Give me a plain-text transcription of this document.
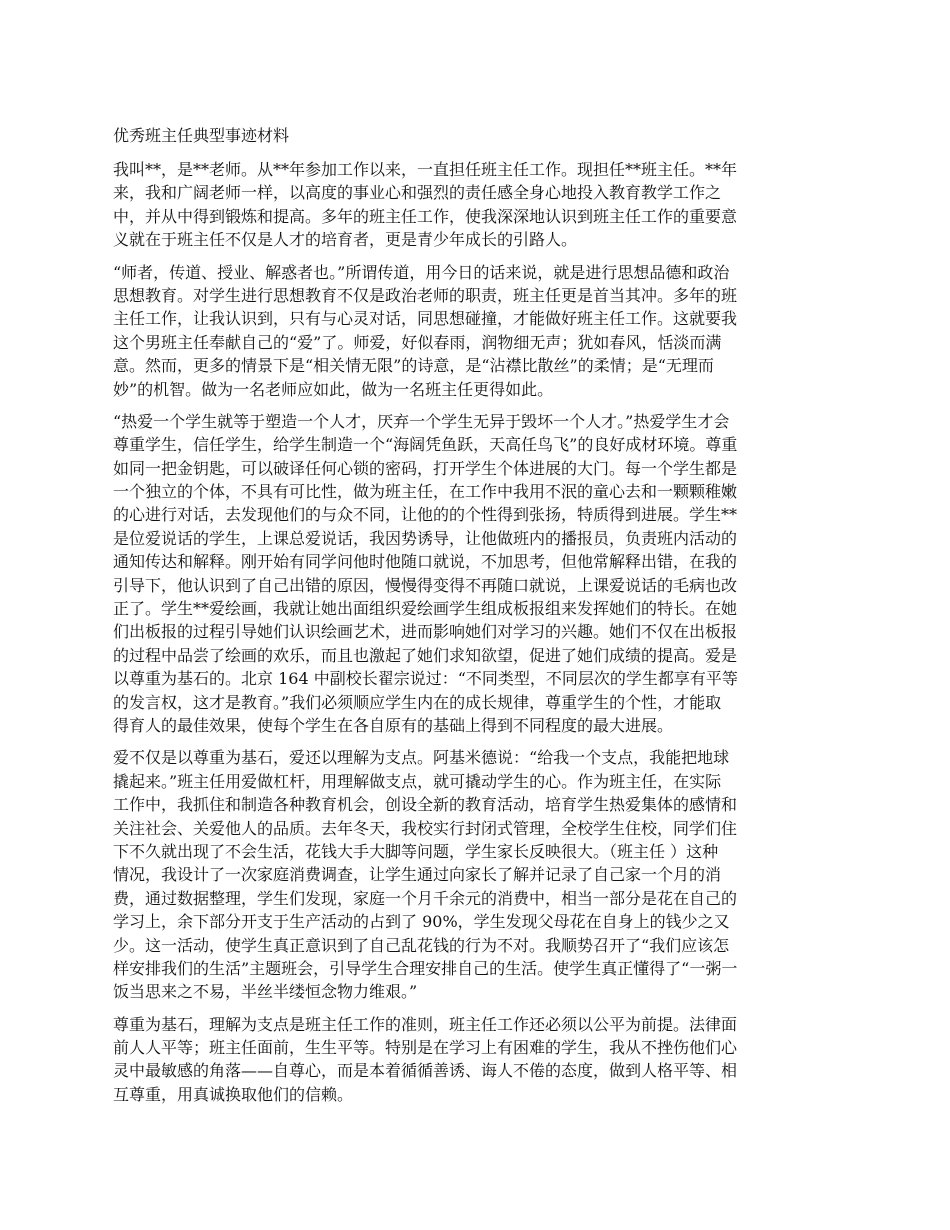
优秀班主任典型事迹材料
我叫**，是**老师。从**年参加工作以来，一直担任班主任工作。现担任**班主任。**年
来，我和广阔老师一样，以高度的事业心和强烈的责任感全身心地投入教育教学工作之
中，并从中得到锻炼和提高。多年的班主任工作，使我深深地认识到班主任工作的重要意
义就在于班主任不仅是人才的培育者，更是青少年成长的引路人。
“师者，传道、授业、解惑者也。”所谓传道，用今日的话来说，就是进行思想品德和政治
思想教育。对学生进行思想教育不仅是政治老师的职责，班主任更是首当其冲。多年的班
主任工作，让我认识到，只有与心灵对话，同思想碰撞，才能做好班主任工作。这就要我
这个男班主任奉献自己的“爱”了。师爱，好似春雨，润物细无声；犹如春风，恬淡而满
意。然而，更多的情景下是“相关情无限”的诗意，是“沾襟比散丝”的柔情；是“无理而
妙”的机智。做为一名老师应如此，做为一名班主任更得如此。
“热爱一个学生就等于塑造一个人才，厌弃一个学生无异于毁坏一个人才。”热爱学生才会
尊重学生，信任学生，给学生制造一个“海阔凭鱼跃，天高任鸟飞”的良好成材环境。尊重
如同一把金钥匙，可以破译任何心锁的密码，打开学生个体进展的大门。每一个学生都是
一个独立的个体，不具有可比性，做为班主任，在工作中我用不泯的童心去和一颗颗稚嫩
的心进行对话，去发现他们的与众不同，让他的的个性得到张扬，特质得到进展。学生**
是位爱说话的学生，上课总爱说话，我因势诱导，让他做班内的播报员，负责班内活动的
通知传达和解释。刚开始有同学问他时他随口就说，不加思考，但他常解释出错，在我的
引导下，他认识到了自己出错的原因，慢慢得变得不再随口就说，上课爱说话的毛病也改
正了。学生**爱绘画，我就让她出面组织爱绘画学生组成板报组来发挥她们的特长。在她
们出板报的过程引导她们认识绘画艺术，进而影响她们对学习的兴趣。她们不仅在出板报
的过程中品尝了绘画的欢乐，而且也激起了她们求知欲望，促进了她们成绩的提高。爱是
以尊重为基石的。北京 164 中副校长翟宗说过：“不同类型，不同层次的学生都享有平等
的发言权，这才是教育。”我们必须顺应学生内在的成长规律，尊重学生的个性，才能取
得育人的最佳效果，使每个学生在各自原有的基础上得到不同程度的最大进展。
爱不仅是以尊重为基石，爱还以理解为支点。阿基米德说：“给我一个支点，我能把地球
撬起来。”班主任用爱做杠杆，用理解做支点，就可撬动学生的心。作为班主任，在实际
工作中，我抓住和制造各种教育机会，创设全新的教育活动，培育学生热爱集体的感情和
关注社会、关爱他人的品质。去年冬天，我校实行封闭式管理，全校学生住校，同学们住
下不久就出现了不会生活，花钱大手大脚等问题，学生家长反映很大。（班主任 ）这种
情况，我设计了一次家庭消费调查，让学生通过向家长了解并记录了自己家一个月的消
费，通过数据整理，学生们发现，家庭一个月千余元的消费中，相当一部分是花在自己的
学习上，余下部分开支于生产活动的占到了 90%，学生发现父母花在自身上的钱少之又
少。这一活动，使学生真正意识到了自己乱花钱的行为不对。我顺势召开了“我们应该怎
样安排我们的生活”主题班会，引导学生合理安排自己的生活。使学生真正懂得了“一粥一
饭当思来之不易，半丝半缕恒念物力维艰。”
尊重为基石，理解为支点是班主任工作的准则，班主任工作还必须以公平为前提。法律面
前人人平等；班主任面前，生生平等。特别是在学习上有困难的学生，我从不挫伤他们心
灵中最敏感的角落——自尊心，而是本着循循善诱、诲人不倦的态度，做到人格平等、相
互尊重，用真诚换取他们的信赖。
